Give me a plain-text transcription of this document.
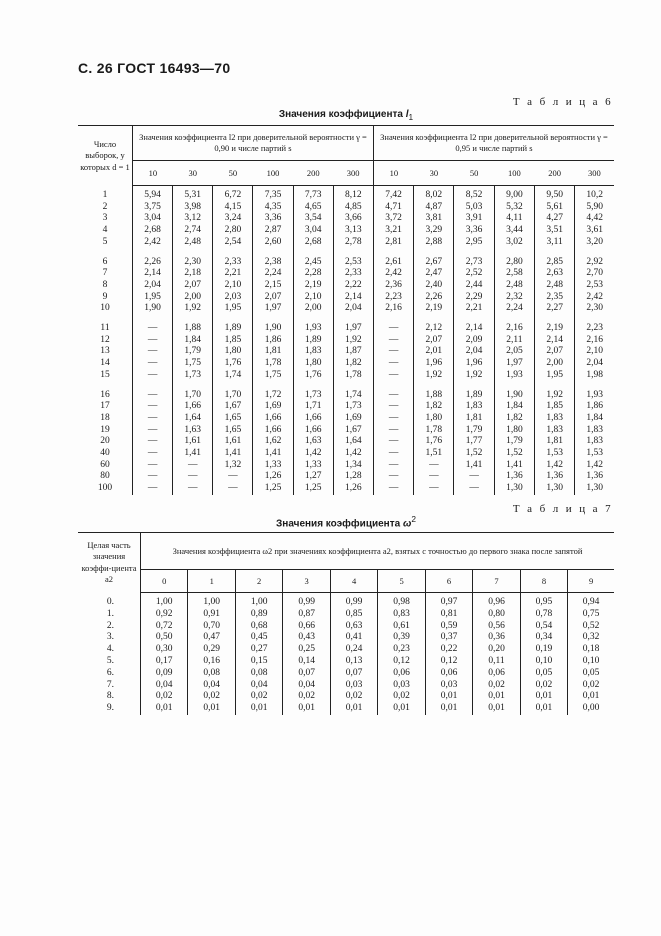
С. 26 ГОСТ 16493—70
Т а б л и ц а 6
Значения коэффициента $l_1$
Число выборок, у которых d = 1	Значения коэффициента l2 при доверительной вероятности γ = 0,90 и числе партий s						Значения коэффициента l2 при доверительной вероятности γ = 0,95 и числе партий s					
	10	30	50	100	200	300	10	30	50	100	200	300
1	5,94	5,31	6,72	7,35	7,73	8,12	7,42	8,02	8,52	9,00	9,50	10,2
2	3,75	3,98	4,15	4,35	4,65	4,85	4,71	4,87	5,03	5,32	5,61	5,90
3	3,04	3,12	3,24	3,36	3,54	3,66	3,72	3,81	3,91	4,11	4,27	4,42
4	2,68	2,74	2,80	2,87	3,04	3,13	3,21	3,29	3,36	3,44	3,51	3,61
5	2,42	2,48	2,54	2,60	2,68	2,78	2,81	2,88	2,95	3,02	3,11	3,20
6	2,26	2,30	2,33	2,38	2,45	2,53	2,61	2,67	2,73	2,80	2,85	2,92
7	2,14	2,18	2,21	2,24	2,28	2,33	2,42	2,47	2,52	2,58	2,63	2,70
8	2,04	2,07	2,10	2,15	2,19	2,22	2,36	2,40	2,44	2,48	2,48	2,53
9	1,95	2,00	2,03	2,07	2,10	2,14	2,23	2,26	2,29	2,32	2,35	2,42
10	1,90	1,92	1,95	1,97	2,00	2,04	2,16	2,19	2,21	2,24	2,27	2,30
11	—	1,88	1,89	1,90	1,93	1,97	—	2,12	2,14	2,16	2,19	2,23
12	—	1,84	1,85	1,86	1,89	1,92	—	2,07	2,09	2,11	2,14	2,16
13	—	1,79	1,80	1,81	1,83	1,87	—	2,01	2,04	2,05	2,07	2,10
14	—	1,75	1,76	1,78	1,80	1,82	—	1,96	1,96	1,97	2,00	2,04
15	—	1,73	1,74	1,75	1,76	1,78	—	1,92	1,92	1,93	1,95	1,98
16	—	1,70	1,70	1,72	1,73	1,74	—	1,88	1,89	1,90	1,92	1,93
17	—	1,66	1,67	1,69	1,71	1,73	—	1,82	1,83	1,84	1,85	1,86
18	—	1,64	1,65	1,66	1,66	1,69	—	1,80	1,81	1,82	1,83	1,84
19	—	1,63	1,65	1,66	1,66	1,67	—	1,78	1,79	1,80	1,83	1,83
20	—	1,61	1,61	1,62	1,63	1,64	—	1,76	1,77	1,79	1,81	1,83
40	—	1,41	1,41	1,41	1,42	1,42	—	1,51	1,52	1,52	1,53	1,53
60	—	—	1,32	1,33	1,33	1,34	—	—	1,41	1,41	1,42	1,42
80	—	—	—	1,26	1,27	1,28	—	—	—	1,36	1,36	1,36
100	—	—	—	1,25	1,25	1,26	—	—	—	1,30	1,30	1,30
Т а б л и ц а 7
Значения коэффициента $\omega^2$
Целая часть значения коэффи-циента a2	Значения коэффициента ω2 при значениях коэффициента a2, взятых с точностью до первого знака после запятой									
	0	1	2	3	4	5	6	7	8	9
0.	1,00	1,00	1,00	0,99	0,99	0,98	0,97	0,96	0,95	0,94
1.	0,92	0,91	0,89	0,87	0,85	0,83	0,81	0,80	0,78	0,75
2.	0,72	0,70	0,68	0,66	0,63	0,61	0,59	0,56	0,54	0,52
3.	0,50	0,47	0,45	0,43	0,41	0,39	0,37	0,36	0,34	0,32
4.	0,30	0,29	0,27	0,25	0,24	0,23	0,22	0,20	0,19	0,18
5.	0,17	0,16	0,15	0,14	0,13	0,12	0,12	0,11	0,10	0,10
6.	0,09	0,08	0,08	0,07	0,07	0,06	0,06	0,06	0,05	0,05
7.	0,04	0,04	0,04	0,04	0,03	0,03	0,03	0,02	0,02	0,02
8.	0,02	0,02	0,02	0,02	0,02	0,02	0,01	0,01	0,01	0,01
9.	0,01	0,01	0,01	0,01	0,01	0,01	0,01	0,01	0,01	0,00
